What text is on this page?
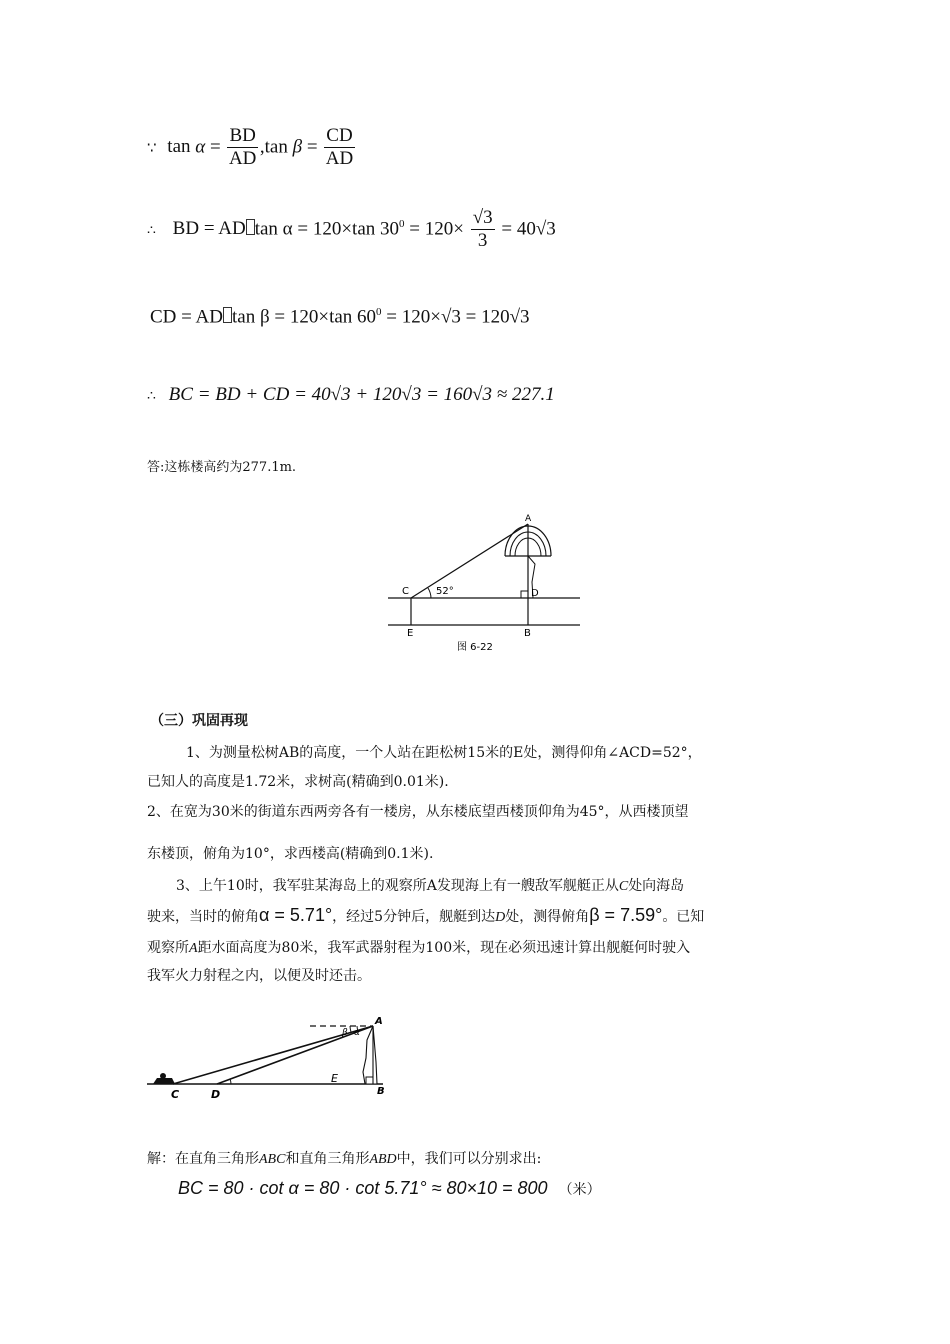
∵ $\tan \alpha = \frac{BD}{AD} ,\tan$ $\beta = \frac{CD}{AD}$
∴ BD = AD tan α = 120×tan $30^0 = 120\times \frac{√3}{3} = 40√3$
CD = AD tan β = 120×tan $60^0 = 120\times√3 = 120√3$
∴ BC = BD + CD = 40√3 + 120√3 = 160√3 ≈ 227.1
答:这栋楼高约为277.1m.
A
C	D
52°
E	B
图 6-22
（三）巩固再现
1、为测量松树AB的高度，一个人站在距松树15米的E处，测得仰角∠ACD=52°，
已知人的高度是1.72米，求树高(精确到0.01米).
2、在宽为30米的街道东西两旁各有一楼房，从东楼底望西楼顶仰角为45°，从西楼顶望
东楼顶，俯角为10°，求西楼高(精确到0.1米).
3、上午10时，我军驻某海岛上的观察所A发现海上有一艘敌军舰艇正从C处向海岛
驶来，当时的俯角α = 5.71°，经过5分钟后，舰艇到达D处，测得俯角β = 7.59°。已知
观察所A距水面高度为80米，我军武器射程为100米，现在必须迅速计算出舰艇何时驶入
我军火力射程之内，以便及时还击。
A
B
C	D
E
β α
解：在直角三角形ABC和直角三角形ABD中，我们可以分别求出:
BC = 80 · cot α = 80 · cot 5.71° ≈ 80×10 = 800 （米）
